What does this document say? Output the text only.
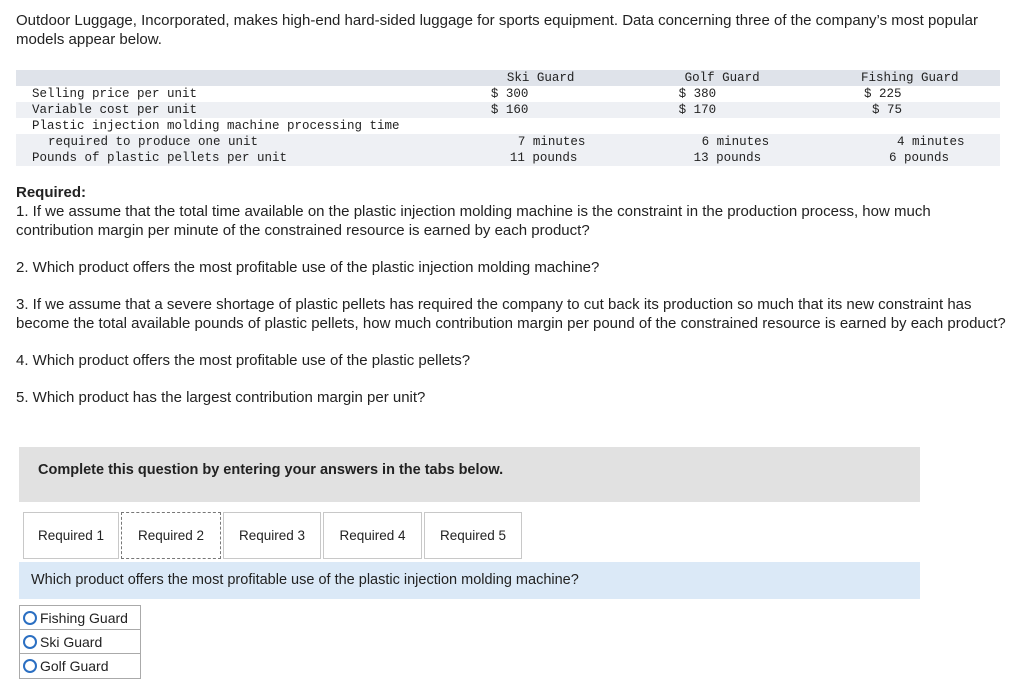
Outdoor Luggage, Incorporated, makes high-end hard-sided luggage for sports equipment. Data concerning three of the company’s most popular models appear below.

	Ski Guard	Golf Guard	Fishing Guard
Selling price per unit	$ 300	$ 380	$ 225
Variable cost per unit	$ 160	$ 170	$ 75
Plastic injection molding machine processing time			
required to produce one unit	7 minutes	6 minutes	4 minutes
Pounds of plastic pellets per unit	11 pounds	13 pounds	6 pounds

Required:

1. If we assume that the total time available on the plastic injection molding machine is the constraint in the production process, how much contribution margin per minute of the constrained resource is earned by each product?

2. Which product offers the most profitable use of the plastic injection molding machine?

3. If we assume that a severe shortage of plastic pellets has required the company to cut back its production so much that its new constraint has become the total available pounds of plastic pellets, how much contribution margin per pound of the constrained resource is earned by each product?

4. Which product offers the most profitable use of the plastic pellets?

5. Which product has the largest contribution margin per unit?

Complete this question by entering your answers in the tabs below.
Required 1	Required 2	Required 3	Required 4	Required 5
Which product offers the most profitable use of the plastic injection molding machine?
Fishing Guard
Ski Guard
Golf Guard
